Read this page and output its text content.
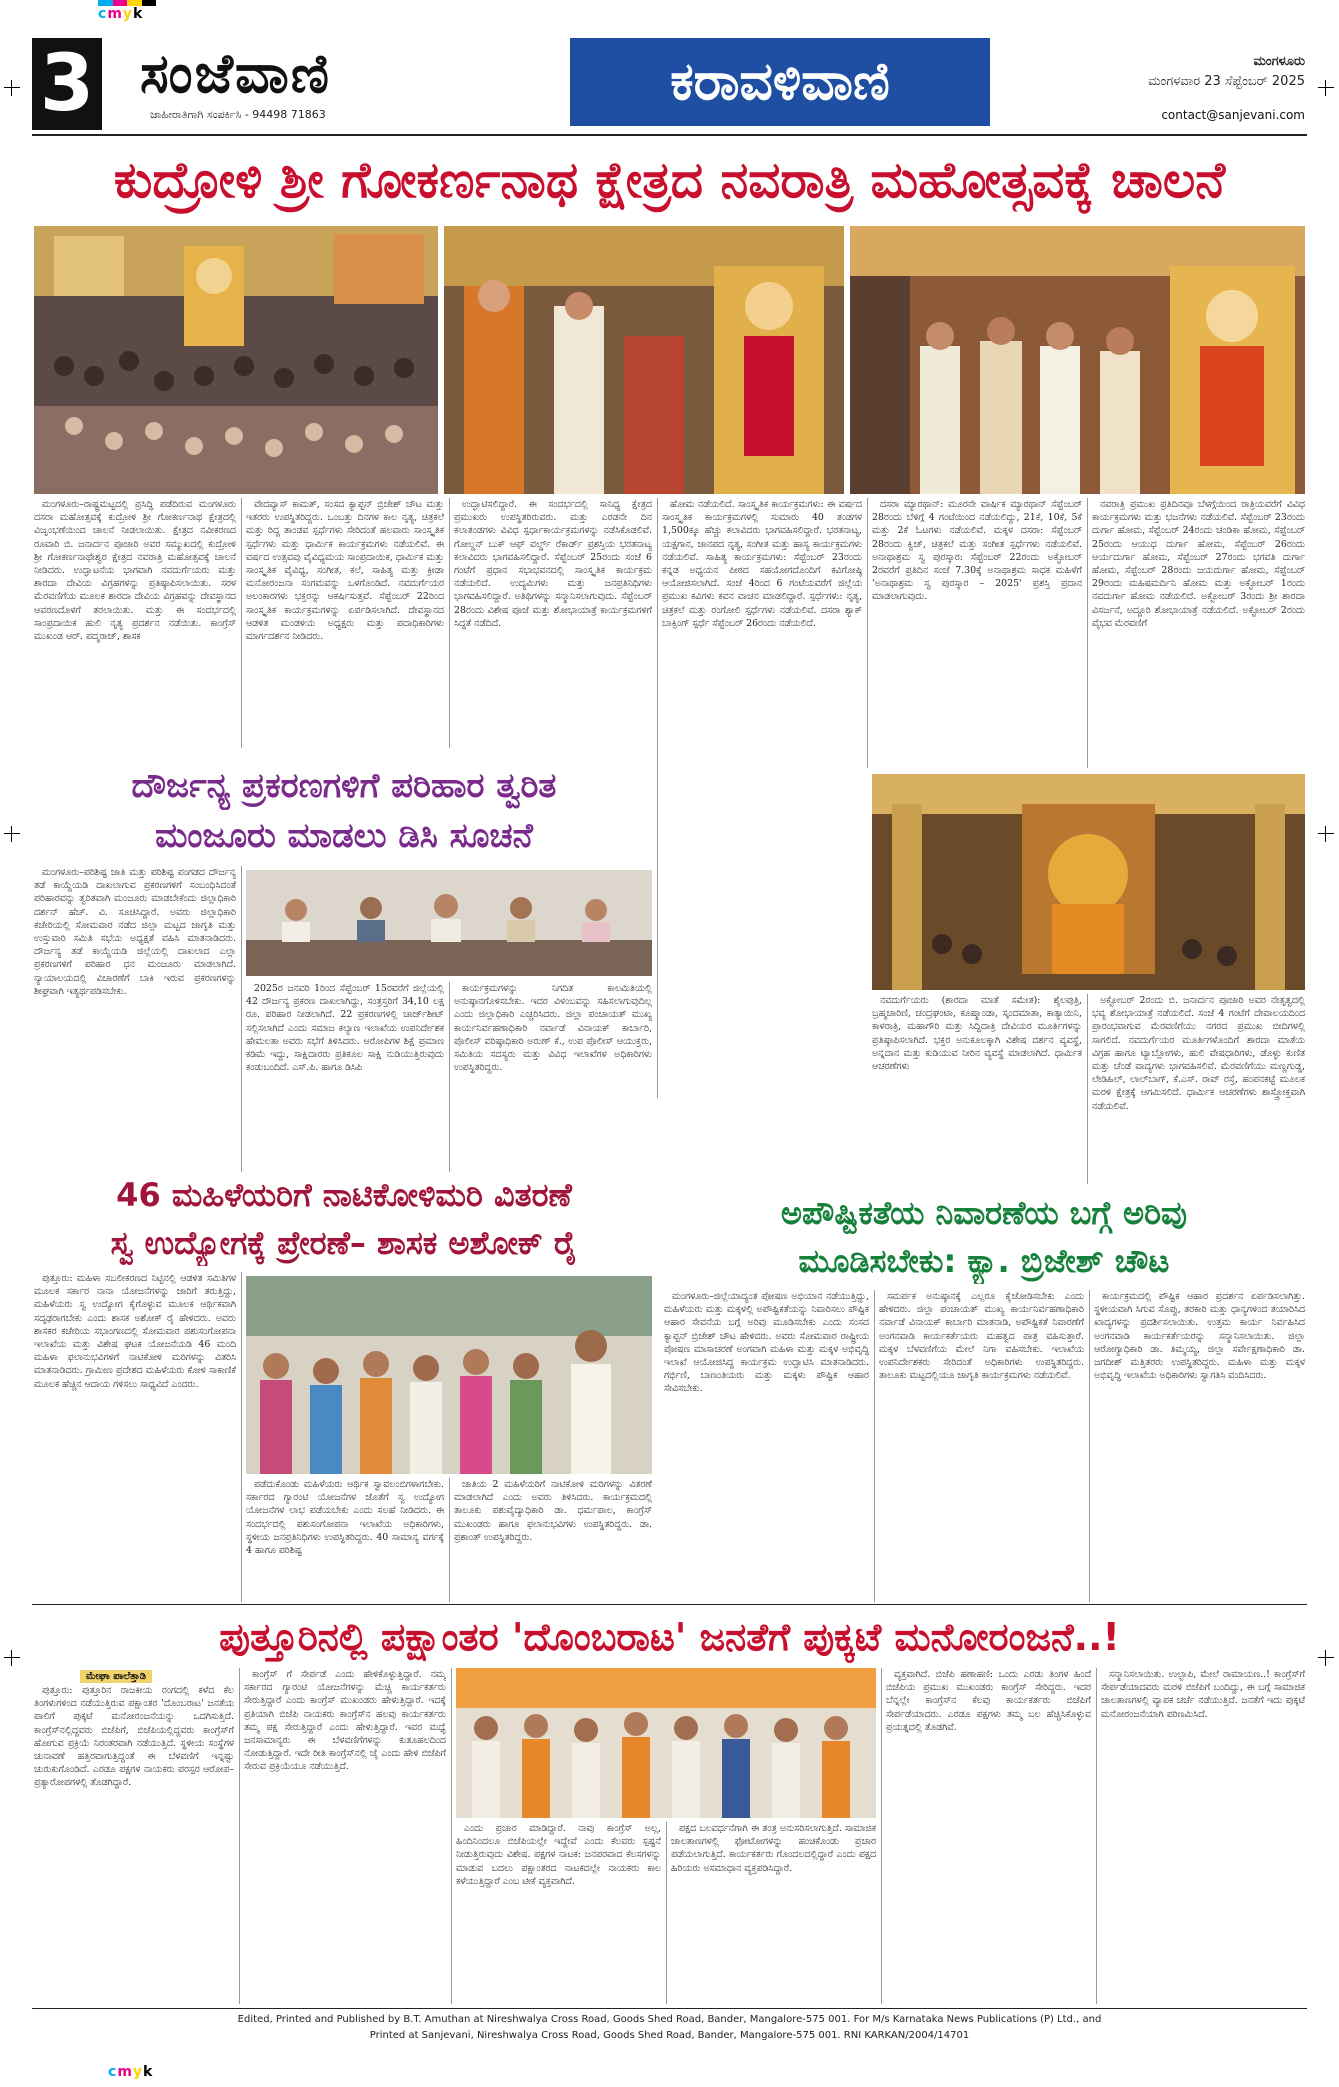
cmyk
3 ಸಂಜೆವಾಣಿ
ಜಾಹೀರಾತಿಗಾಗಿ ಸಂಪರ್ಕಿಸಿ - 94498 71863
ಕರಾವಳಿವಾಣಿ	ಮಂಗಳೂರು
ಮಂಗಳವಾರ 23 ಸೆಪ್ಟೆಂಬರ್ 2025
contact@sanjevani.com
ಕುದ್ರೋಳಿ ಶ್ರೀ ಗೋಕರ್ಣನಾಥ ಕ್ಷೇತ್ರದ ನವರಾತ್ರಿ ಮಹೋತ್ಸವಕ್ಕೆ ಚಾಲನೆ

ಮಂಗಳೂರು–ರಾಷ್ಟ್ರಮಟ್ಟದಲ್ಲಿ ಪ್ರಸಿದ್ಧಿ ಪಡೆದಿರುವ ಮಂಗಳೂರು ದಸರಾ ಮಹೋತ್ಸವಕ್ಕೆ ಕುದ್ರೋಳಿ ಶ್ರೀ ಗೋಕರ್ಣನಾಥ ಕ್ಷೇತ್ರದಲ್ಲಿ ವಿಜೃಂಭಣೆಯಿಂದ ಚಾಲನೆ ನೀಡಲಾಯಿತು. ಕ್ಷೇತ್ರದ ನವೀಕರಣದ ರೂವಾರಿ ಬಿ. ಜನಾರ್ದನ ಪೂಜಾರಿ ಅವರ ಸಮ್ಮುಖದಲ್ಲಿ ಕುದ್ರೋಳಿ ಶ್ರೀ ಗೋಕರ್ಣನಾಥೇಶ್ವರ ಕ್ಷೇತ್ರದ ನವರಾತ್ರಿ ಮಹೋತ್ಸವಕ್ಕೆ ಚಾಲನೆ ನೀಡಿದರು. ಉದ್ಘಾಟನೆಯ ಭಾಗವಾಗಿ ನವದುರ್ಗೆಯರು ಮತ್ತು ಶಾರದಾ ದೇವಿಯ ವಿಗ್ರಹಗಳನ್ನು ಪ್ರತಿಷ್ಠಾಪಿಸಲಾಯಿತು. ಸರಳ ಮೆರವಣಿಗೆಯ ಮೂಲಕ ಶಾರದಾ ದೇವಿಯ ವಿಗ್ರಹವನ್ನು ದೇವಸ್ಥಾನದ ಆವರಣದೊಳಗೆ ತರಲಾಯಿತು. ಮತ್ತು ಈ ಸಂದರ್ಭದಲ್ಲಿ ಸಾಂಪ್ರದಾಯಿಕ ಹುಲಿ ನೃತ್ಯ ಪ್ರದರ್ಶನ ನಡೆಯಿತು. ಕಾಂಗ್ರೆಸ್ ಮುಖಂಡ ಆರ್. ಪದ್ಮರಾಜ್, ಶಾಸಕ

ವೇದವ್ಯಾಸ್ ಕಾಮತ್, ಸಂಸದ ಕ್ಯಾಪ್ಟನ್ ಬ್ರಿಜೇಶ್ ಚೌಟ ಮತ್ತು ಇತರರು ಉಪಸ್ಥಿತರಿದ್ದರು. ಒಂಬತ್ತು ದಿನಗಳ ಕಾಲ ನೃತ್ಯ, ಚಿತ್ರಕಲೆ ಮತ್ತು ರಿದ್ದ ತಾಂಡವ ಸ್ಪರ್ಧೆಗಳು ಸೇರಿದಂತೆ ಹಲವಾರು ಸಾಂಸ್ಕೃತಿಕ ಸ್ಪರ್ಧೆಗಳು ಮತ್ತು ಧಾರ್ಮಿಕ ಕಾರ್ಯಕ್ರಮಗಳು ನಡೆಯಲಿವೆ. ಈ ವರ್ಷದ ಉತ್ಸವವು ವೈವಿಧ್ಯಮಯ ಸಾಂಪ್ರದಾಯಿಕ, ಧಾರ್ಮಿಕ ಮತ್ತು ಸಾಂಸ್ಕೃತಿಕ ವೈವಿಧ್ಯ, ಸಂಗೀತ, ಕಲೆ, ಸಾಹಿತ್ಯ ಮತ್ತು ಕ್ರೀಡಾ ಮನೋರಂಜನಾ ಸಂಗಮವನ್ನು ಒಳಗೊಂಡಿದೆ. ನವದುರ್ಗೆಯರ ಅಲಂಕಾರಗಳು ಭಕ್ತರನ್ನು ಆಕರ್ಷಿಸುತ್ತವೆ. ಸೆಪ್ಟೆಂಬರ್ 22ರಿಂದ ಸಾಂಸ್ಕೃತಿಕ ಕಾರ್ಯಕ್ರಮಗಳನ್ನು ಏರ್ಪಡಿಸಲಾಗಿದೆ. ದೇವಸ್ಥಾನದ ಆಡಳಿತ ಮಂಡಳಿಯ ಅಧ್ಯಕ್ಷರು ಮತ್ತು ಪದಾಧಿಕಾರಿಗಳು ಮಾರ್ಗದರ್ಶನ ನೀಡಿದರು.

ಉದ್ಘಾಟಿಸಲಿದ್ದಾರೆ. ಈ ಸಂದರ್ಭದಲ್ಲಿ ಸಾನಿಧ್ಯ ಕ್ಷೇತ್ರದ ಪ್ರಮುಖರು ಉಪಸ್ಥಿತರಿರುವರು. ಮತ್ತು ಎರಡನೇ ದಿನ ಕಲಾತಂಡಗಳು ವಿವಿಧ ಸ್ಪರ್ಧಾಕಾರ್ಯಕ್ರಮಗಳನ್ನು ನಡೆಸಿಕೊಡಲಿವೆ. ಗೋಲ್ಡನ್ ಬುಕ್ ಆಫ್ ವರ್ಲ್ಡ್ ರೆಕಾರ್ಡ್ ಪ್ರಶಸ್ತಿಯ ಭರತನಾಟ್ಯ ಕಲಾವಿದರು ಭಾಗವಹಿಸಲಿದ್ದಾರೆ. ಸೆಪ್ಟೆಂಬರ್ 25ರಂದು ಸಂಜೆ 6 ಗಂಟೆಗೆ ಪ್ರಧಾನ ಸಭಾಭವನದಲ್ಲಿ ಸಾಂಸ್ಕೃತಿಕ ಕಾರ್ಯಕ್ರಮ ನಡೆಯಲಿದೆ. ಉದ್ಯಮಿಗಳು ಮತ್ತು ಜನಪ್ರತಿನಿಧಿಗಳು ಭಾಗವಹಿಸಲಿದ್ದಾರೆ. ಅತಿಥಿಗಳನ್ನು ಸನ್ಮಾನಿಸಲಾಗುವುದು. ಸೆಪ್ಟೆಂಬರ್ 28ರಂದು ವಿಶೇಷ ಪೂಜೆ ಮತ್ತು ಶೋಭಾಯಾತ್ರೆ ಕಾರ್ಯಕ್ರಮಗಳಿಗೆ ಸಿದ್ಧತೆ ನಡೆದಿದೆ.

ಹೋಮ ನಡೆಯಲಿದೆ. ಸಾಂಸ್ಕೃತಿಕ ಕಾರ್ಯಕ್ರಮಗಳು: ಈ ವರ್ಷದ ಸಾಂಸ್ಕೃತಿಕ ಕಾರ್ಯಕ್ರಮಗಳಲ್ಲಿ ಸುಮಾರು 40 ತಂಡಗಳ 1,500ಕ್ಕೂ ಹೆಚ್ಚು ಕಲಾವಿದರು ಭಾಗವಹಿಸಲಿದ್ದಾರೆ. ಭರತನಾಟ್ಯ, ಯಕ್ಷಗಾನ, ಜಾನಪದ ನೃತ್ಯ, ಸಂಗೀತ ಮತ್ತು ಹಾಸ್ಯ ಕಾರ್ಯಕ್ರಮಗಳು ನಡೆಯಲಿವೆ. ಸಾಹಿತ್ಯ ಕಾರ್ಯಕ್ರಮಗಳು: ಸೆಪ್ಟೆಂಬರ್ 23ರಂದು ಕನ್ನಡ ಅಧ್ಯಯನ ಪೀಠದ ಸಹಯೋಗದೊಂದಿಗೆ ಕವಿಗೋಷ್ಠಿ ಆಯೋಜಿಸಲಾಗಿದೆ. ಸಂಜೆ 4ರಿಂದ 6 ಗಂಟೆಯವರೆಗೆ ಜಿಲ್ಲೆಯ ಪ್ರಮುಖ ಕವಿಗಳು ಕವನ ವಾಚನ ಮಾಡಲಿದ್ದಾರೆ. ಸ್ಪರ್ಧೆಗಳು: ನೃತ್ಯ, ಚಿತ್ರಕಲೆ ಮತ್ತು ರಂಗೋಲಿ ಸ್ಪರ್ಧೆಗಳು ನಡೆಯಲಿವೆ. ದಸರಾ ಶ್ಯಾಕ್ ಬಾಕ್ಸಿಂಗ್ ಸ್ಪರ್ಧೆ ಸೆಪ್ಟೆಂಬರ್ 26ರಂದು ನಡೆಯಲಿದೆ.

ದಸರಾ ಮ್ಯಾರಥಾನ್: ಮೂರನೇ ವಾರ್ಷಿಕ ಮ್ಯಾರಥಾನ್ ಸೆಪ್ಟೆಂಬರ್ 28ರಂದು ಬೆಳಿಗ್ಗೆ 4 ಗಂಟೆಯಿಂದ ನಡೆಯಲಿದ್ದು, 21ಕೆ, 10ಕೆ, 5ಕೆ ಮತ್ತು 2ಕೆ ಓಟಗಳು ನಡೆಯಲಿವೆ. ಮಕ್ಕಳ ದಸರಾ: ಸೆಪ್ಟೆಂಬರ್ 28ರಂದು ಕ್ವಿಜ್, ಚಿತ್ರಕಲೆ ಮತ್ತು ಸಂಗೀತ ಸ್ಪರ್ಧೆಗಳು ನಡೆಯಲಿವೆ. ಅನಾಥಾಶ್ರಮ ಸ್ವ ಪುರಸ್ಕಾರ: ಸೆಪ್ಟೆಂಬರ್ 22ರಂದು ಅಕ್ಟೋಬರ್ 2ರವರೆಗೆ ಪ್ರತಿದಿನ ಸಂಜೆ 7.30ಕ್ಕೆ ಅನಾಥಾಶ್ರಮ ಸಾಧಕ ಮಹಿಳೆಗೆ 'ಅನಾಥಾಶ್ರಮ ಸ್ವ ಪುರಸ್ಕಾರ – 2025' ಪ್ರಶಸ್ತಿ ಪ್ರದಾನ ಮಾಡಲಾಗುವುದು.

ನವರಾತ್ರಿ ಪ್ರಮುಖ ಪ್ರತಿದಿನವೂ ಬೆಳಗ್ಗೆಯಿಂದ ರಾತ್ರಿಯವರೆಗೆ ವಿವಿಧ ಕಾರ್ಯಕ್ರಮಗಳು ಮತ್ತು ಭಜನೆಗಳು ನಡೆಯಲಿವೆ. ಸೆಪ್ಟೆಂಬರ್ 23ರಂದು ದುರ್ಗಾ ಹೋಮ, ಸೆಪ್ಟೆಂಬರ್ 24ರಂದು ಚಂಡಿಕಾ ಹೋಮ, ಸೆಪ್ಟೆಂಬರ್ 25ರಂದು ಆಯುಧ ದುರ್ಗಾ ಹೋಮ, ಸೆಪ್ಟೆಂಬರ್ 26ರಂದು ಆರ್ಯದುರ್ಗಾ ಹೋಮ, ಸೆಪ್ಟೆಂಬರ್ 27ರಂದು ಭಗವತಿ ದುರ್ಗಾ ಹೋಮ, ಸೆಪ್ಟೆಂಬರ್ 28ರಂದು ಜಯದುರ್ಗಾ ಹೋಮ, ಸೆಪ್ಟೆಂಬರ್ 29ರಂದು ಮಹಿಷಮರ್ದಿನಿ ಹೋಮ ಮತ್ತು ಅಕ್ಟೋಬರ್ 1ರಂದು ನವದುರ್ಗಾ ಹೋಮ ನಡೆಯಲಿದೆ. ಅಕ್ಟೋಬರ್ 3ರಂದು ಶ್ರೀ ಶಾರದಾ ವಿಸರ್ಜನೆ, ಅದ್ದೂರಿ ಶೋಭಾಯಾತ್ರೆ ನಡೆಯಲಿದೆ. ಅಕ್ಟೋಬರ್ 2ರಂದು ವೈಭವ ಮೆರವಣಿಗೆ

ನವದುರ್ಗೆಯರು (ಶಾರದಾ ಮಾತೆ ಸಮೇತ): ಶೈಲಪುತ್ರಿ, ಬ್ರಹ್ಮಚಾರಿಣಿ, ಚಂದ್ರಘಂಟಾ, ಕೂಷ್ಮಾಂಡಾ, ಸ್ಕಂದಮಾತಾ, ಕಾತ್ಯಾಯಿನಿ, ಕಾಳರಾತ್ರಿ, ಮಹಾಗೌರಿ ಮತ್ತು ಸಿದ್ಧಿದಾತ್ರಿ ದೇವಿಯರ ಮೂರ್ತಿಗಳನ್ನು ಪ್ರತಿಷ್ಠಾಪಿಸಲಾಗಿದೆ. ಭಕ್ತರ ಅನುಕೂಲಕ್ಕಾಗಿ ವಿಶೇಷ ದರ್ಶನ ವ್ಯವಸ್ಥೆ, ಅನ್ನದಾನ ಮತ್ತು ಕುಡಿಯುವ ನೀರಿನ ವ್ಯವಸ್ಥೆ ಮಾಡಲಾಗಿದೆ. ಧಾರ್ಮಿಕ ಆಚರಣೆಗಳು

ಅಕ್ಟೋಬರ್ 2ರಂದು ಬಿ. ಜನಾರ್ದನ ಪೂಜಾರಿ ಅವರ ನೇತೃತ್ವದಲ್ಲಿ ಭವ್ಯ ಶೋಭಾಯಾತ್ರೆ ನಡೆಯಲಿದೆ. ಸಂಜೆ 4 ಗಂಟೆಗೆ ದೇವಾಲಯದಿಂದ ಪ್ರಾರಂಭವಾಗುವ ಮೆರವಣಿಗೆಯು ನಗರದ ಪ್ರಮುಖ ಬೀದಿಗಳಲ್ಲಿ ಸಾಗಲಿದೆ. ನವದುರ್ಗೆಯರ ಮೂರ್ತಿಗಳೊಂದಿಗೆ ಶಾರದಾ ಮಾತೆಯ ವಿಗ್ರಹ ಹಾಗೂ ಟ್ಯಾಬ್ಲೋಗಳು, ಹುಲಿ ವೇಷಧಾರಿಗಳು, ಡೊಳ್ಳು ಕುಣಿತ ಮತ್ತು ಚೆಂಡೆ ವಾದ್ಯಗಳು ಭಾಗವಹಿಸಲಿವೆ. ಮೆರವಣಿಗೆಯು ಮಣ್ಣಗುಡ್ಡ, ಲೇಡಿಹಿಲ್, ಲಾಲ್‌ಬಾಗ್, ಕೆ.ಎಸ್. ರಾವ್ ರಸ್ತೆ, ಹಂಪನಕಟ್ಟೆ ಮೂಲಕ ಮರಳಿ ಕ್ಷೇತ್ರಕ್ಕೆ ಆಗಮಿಸಲಿದೆ. ಧಾರ್ಮಿಕ ಆಚರಣೆಗಳು ಶಾಸ್ತ್ರೋಕ್ತವಾಗಿ ನಡೆಯಲಿವೆ.

ದೌರ್ಜನ್ಯ ಪ್ರಕರಣಗಳಿಗೆ ಪರಿಹಾರ ತ್ವರಿತ
ಮಂಜೂರು ಮಾಡಲು ಡಿಸಿ ಸೂಚನೆ

ಮಂಗಳೂರು–ಪರಿಶಿಷ್ಟ ಜಾತಿ ಮತ್ತು ಪರಿಶಿಷ್ಟ ಪಂಗಡದ ದೌರ್ಜನ್ಯ ತಡೆ ಕಾಯ್ದೆಯಡಿ ದಾಖಲಾಗುವ ಪ್ರಕರಣಗಳಿಗೆ ಸಂಬಂಧಿಸಿದಂತೆ ಪರಿಹಾರವನ್ನು ತ್ವರಿತವಾಗಿ ಮಂಜೂರು ಮಾಡಬೇಕೆಂದು ಜಿಲ್ಲಾಧಿಕಾರಿ ದರ್ಶನ್ ಹೆಚ್. ವಿ. ಸೂಚಿಸಿದ್ದಾರೆ. ಅವರು ಜಿಲ್ಲಾಧಿಕಾರಿ ಕಚೇರಿಯಲ್ಲಿ ಸೋಮವಾರ ನಡೆದ ಜಿಲ್ಲಾ ಮಟ್ಟದ ಜಾಗೃತಿ ಮತ್ತು ಉಸ್ತುವಾರಿ ಸಮಿತಿ ಸಭೆಯ ಅಧ್ಯಕ್ಷತೆ ವಹಿಸಿ ಮಾತನಾಡಿದರು. ದೌರ್ಜನ್ಯ ತಡೆ ಕಾಯ್ದೆಯಡಿ ಜಿಲ್ಲೆಯಲ್ಲಿ ದಾಖಲಾದ ಎಲ್ಲಾ ಪ್ರಕರಣಗಳಿಗೆ ಪರಿಹಾರ ಧನ ಮಂಜೂರು ಮಾಡಲಾಗಿದೆ. ನ್ಯಾಯಾಲಯದಲ್ಲಿ ವಿಚಾರಣೆಗೆ ಬಾಕಿ ಇರುವ ಪ್ರಕರಣಗಳನ್ನು ಶೀಘ್ರವಾಗಿ ಇತ್ಯರ್ಥಪಡಿಸಬೇಕು.	2025ರ ಜನವರಿ 1ರಿಂದ ಸೆಪ್ಟೆಂಬರ್ 15ರವರೆಗೆ ಜಿಲ್ಲೆಯಲ್ಲಿ 42 ದೌರ್ಜನ್ಯ ಪ್ರಕರಣ ದಾಖಲಾಗಿದ್ದು, ಸಂತ್ರಸ್ತರಿಗೆ 34,10 ಲಕ್ಷ ರೂ. ಪರಿಹಾರ ನೀಡಲಾಗಿದೆ. 22 ಪ್ರಕರಣಗಳಲ್ಲಿ ಚಾರ್ಜ್‌ಶೀಟ್ ಸಲ್ಲಿಸಲಾಗಿದೆ ಎಂದು ಸಮಾಜ ಕಲ್ಯಾಣ ಇಲಾಖೆಯ ಉಪನಿರ್ದೇಶಕ ಹೇಮಲತಾ ಅವರು ಸಭೆಗೆ ತಿಳಿಸಿದರು. ಆರೋಪಿಗಳ ಶಿಕ್ಷೆ ಪ್ರಮಾಣ ಕಡಿಮೆ ಇದ್ದು, ಸಾಕ್ಷಿದಾರರು ಪ್ರತಿಕೂಲ ಸಾಕ್ಷಿ ನುಡಿಯುತ್ತಿರುವುದು ಕಂಡುಬಂದಿದೆ. ಎಸ್.ಪಿ. ಹಾಗೂ ಡಿಸಿಪಿ

ಕಾರ್ಯಕ್ರಮಗಳನ್ನು ನಿಗದಿತ ಕಾಲಮಿತಿಯಲ್ಲಿ ಅನುಷ್ಠಾನಗೊಳಿಸಬೇಕು. ಇದರ ವಿಳಂಬವನ್ನು ಸಹಿಸಲಾಗುವುದಿಲ್ಲ ಎಂದು ಜಿಲ್ಲಾಧಿಕಾರಿ ಎಚ್ಚರಿಸಿದರು. ಜಿಲ್ಲಾ ಪಂಚಾಯತ್ ಮುಖ್ಯ ಕಾರ್ಯನಿರ್ವಹಣಾಧಿಕಾರಿ ನರ್ವಾಡೆ ವಿನಾಯಕ್ ಕಾರ್ಬಾರಿ, ಪೊಲೀಸ್ ವರಿಷ್ಠಾಧಿಕಾರಿ ಅರುಣ್ ಕೆ., ಉಪ ಪೊಲೀಸ್ ಆಯುಕ್ತರು, ಸಮಿತಿಯ ಸದಸ್ಯರು ಮತ್ತು ವಿವಿಧ ಇಲಾಖೆಗಳ ಅಧಿಕಾರಿಗಳು ಉಪಸ್ಥಿತರಿದ್ದರು.

46 ಮಹಿಳೆಯರಿಗೆ ನಾಟಿಕೋಳಿಮರಿ ವಿತರಣೆ
ಸ್ವ ಉದ್ಯೋಗಕ್ಕೆ ಪ್ರೇರಣೆ– ಶಾಸಕ ಅಶೋಕ್ ರೈ

ಪುತ್ತೂರು: ಮಹಿಳಾ ಸಬಲೀಕರಣದ ನಿಟ್ಟಿನಲ್ಲಿ ಆಡಳಿತ ಸಮಿತಿಗಳ ಮೂಲಕ ಸರ್ಕಾರ ನಾನಾ ಯೋಜನೆಗಳನ್ನು ಜಾರಿಗೆ ತರುತ್ತಿದ್ದು, ಮಹಿಳೆಯರು ಸ್ವ ಉದ್ಯೋಗ ಕೈಗೊಳ್ಳುವ ಮೂಲಕ ಆರ್ಥಿಕವಾಗಿ ಸದೃಢರಾಗಬೇಕು ಎಂದು ಶಾಸಕ ಅಶೋಕ್ ರೈ ಹೇಳಿದರು. ಅವರು ಶಾಸಕರ ಕಚೇರಿಯ ಸಭಾಂಗಣದಲ್ಲಿ ಸೋಮವಾರ ಪಶುಸಂಗೋಪನಾ ಇಲಾಖೆಯ ಮತ್ತು ವಿಶೇಷ ಘಟಕ ಯೋಜನೆಯಡಿ 46 ಮಂದಿ ಮಹಿಳಾ ಫಲಾನುಭವಿಗಳಿಗೆ ನಾಟಿಕೋಳಿ ಮರಿಗಳನ್ನು ವಿತರಿಸಿ ಮಾತನಾಡಿದರು. ಗ್ರಾಮೀಣ ಪ್ರದೇಶದ ಮಹಿಳೆಯರು ಕೋಳಿ ಸಾಕಾಣಿಕೆ ಮೂಲಕ ಹೆಚ್ಚಿನ ಆದಾಯ ಗಳಿಸಲು ಸಾಧ್ಯವಿದೆ ಎಂದರು.

ಪಡೆದುಕೊಂಡು ಮಹಿಳೆಯರು ಆರ್ಥಿಕ ಸ್ವಾವಲಂಬಿಗಳಾಗಬೇಕು. ಸರ್ಕಾರದ ಗ್ಯಾರಂಟಿ ಯೋಜನೆಗಳ ಜೊತೆಗೆ ಸ್ವ ಉದ್ಯೋಗ ಯೋಜನೆಗಳ ಲಾಭ ಪಡೆಯಬೇಕು ಎಂದು ಸಲಹೆ ನೀಡಿದರು. ಈ ಸಂದರ್ಭದಲ್ಲಿ ಪಶುಸಂಗೋಪನಾ ಇಲಾಖೆಯ ಅಧಿಕಾರಿಗಳು, ಸ್ಥಳೀಯ ಜನಪ್ರತಿನಿಧಿಗಳು ಉಪಸ್ಥಿತರಿದ್ದರು. 40 ಸಾಮಾನ್ಯ ವರ್ಗಕ್ಕೆ 4 ಹಾಗೂ ಪರಿಶಿಷ್ಟ

ಜಾತಿಯ 2 ಮಹಿಳೆಯರಿಗೆ ನಾಟಿಕೋಳಿ ಮರಿಗಳನ್ನು ವಿತರಣೆ ಮಾಡಲಾಗಿದೆ ಎಂದು ಅವರು ತಿಳಿಸಿದರು. ಕಾರ್ಯಕ್ರಮದಲ್ಲಿ ತಾಲೂಕು ಪಶುವೈದ್ಯಾಧಿಕಾರಿ ಡಾ. ಧರ್ಮಪಾಲ, ಕಾಂಗ್ರೆಸ್ ಮುಖಂಡರು ಹಾಗೂ ಫಲಾನುಭವಿಗಳು ಉಪಸ್ಥಿತರಿದ್ದರು. ಡಾ. ಪ್ರಶಾಂತ್ ಉಪಸ್ಥಿತರಿದ್ದರು.

ಅಪೌಷ್ಟಿಕತೆಯ ನಿವಾರಣೆಯ ಬಗ್ಗೆ ಅರಿವು
ಮೂಡಿಸಬೇಕು: ಕ್ಯಾ. ಬ್ರಿಜೇಶ್ ಚೌಟ

ಮಂಗಳೂರು–ಜಿಲ್ಲೆಯಾದ್ಯಂತ ಪೋಷಣ ಅಭಿಯಾನ ನಡೆಯುತ್ತಿದ್ದು, ಮಹಿಳೆಯರು ಮತ್ತು ಮಕ್ಕಳಲ್ಲಿ ಅಪೌಷ್ಟಿಕತೆಯನ್ನು ನಿವಾರಿಸಲು ಪೌಷ್ಟಿಕ ಆಹಾರ ಸೇವನೆಯ ಬಗ್ಗೆ ಅರಿವು ಮೂಡಿಸಬೇಕು ಎಂದು ಸಂಸದ ಕ್ಯಾಪ್ಟನ್ ಬ್ರಿಜೇಶ್ ಚೌಟ ಹೇಳಿದರು. ಅವರು ಸೋಮವಾರ ರಾಷ್ಟ್ರೀಯ ಪೋಷಣ ಮಾಸಾಚರಣೆ ಅಂಗವಾಗಿ ಮಹಿಳಾ ಮತ್ತು ಮಕ್ಕಳ ಅಭಿವೃದ್ಧಿ ಇಲಾಖೆ ಆಯೋಜಿಸಿದ್ದ ಕಾರ್ಯಕ್ರಮ ಉದ್ಘಾಟಿಸಿ ಮಾತನಾಡಿದರು. ಗರ್ಭಿಣಿ, ಬಾಣಂತಿಯರು ಮತ್ತು ಮಕ್ಕಳು ಪೌಷ್ಟಿಕ ಆಹಾರ ಸೇವಿಸಬೇಕು.

ಸಮರ್ಪಕ ಅನುಷ್ಠಾನಕ್ಕೆ ಎಲ್ಲರೂ ಕೈಜೋಡಿಸಬೇಕು ಎಂದು ಹೇಳಿದರು. ಜಿಲ್ಲಾ ಪಂಚಾಯತ್ ಮುಖ್ಯ ಕಾರ್ಯನಿರ್ವಹಣಾಧಿಕಾರಿ ನರ್ವಾಡೆ ವಿನಾಯಕ್ ಕಾರ್ಬಾರಿ ಮಾತನಾಡಿ, ಅಪೌಷ್ಟಿಕತೆ ನಿವಾರಣೆಗೆ ಅಂಗನವಾಡಿ ಕಾರ್ಯಕರ್ತೆಯರು ಮಹತ್ವದ ಪಾತ್ರ ವಹಿಸುತ್ತಾರೆ. ಮಕ್ಕಳ ಬೆಳವಣಿಗೆಯ ಮೇಲೆ ನಿಗಾ ವಹಿಸಬೇಕು. ಇಲಾಖೆಯ ಉಪನಿರ್ದೇಶಕರು ಸೇರಿದಂತೆ ಅಧಿಕಾರಿಗಳು ಉಪಸ್ಥಿತರಿದ್ದರು. ತಾಲೂಕು ಮಟ್ಟದಲ್ಲಿಯೂ ಜಾಗೃತಿ ಕಾರ್ಯಕ್ರಮಗಳು ನಡೆಯಲಿವೆ.

ಕಾರ್ಯಕ್ರಮದಲ್ಲಿ ಪೌಷ್ಟಿಕ ಆಹಾರ ಪ್ರದರ್ಶನ ಏರ್ಪಡಿಸಲಾಗಿತ್ತು. ಸ್ಥಳೀಯವಾಗಿ ಸಿಗುವ ಸೊಪ್ಪು, ತರಕಾರಿ ಮತ್ತು ಧಾನ್ಯಗಳಿಂದ ತಯಾರಿಸಿದ ಖಾದ್ಯಗಳನ್ನು ಪ್ರದರ್ಶಿಸಲಾಯಿತು. ಉತ್ತಮ ಕಾರ್ಯ ನಿರ್ವಹಿಸಿದ ಅಂಗನವಾಡಿ ಕಾರ್ಯಕರ್ತೆಯರನ್ನು ಸನ್ಮಾನಿಸಲಾಯಿತು. ಜಿಲ್ಲಾ ಆರೋಗ್ಯಾಧಿಕಾರಿ ಡಾ. ತಿಮ್ಮಯ್ಯ, ಜಿಲ್ಲಾ ಸರ್ವೇಕ್ಷಣಾಧಿಕಾರಿ ಡಾ. ಜಗದೀಶ್ ಮತ್ತಿತರರು ಉಪಸ್ಥಿತರಿದ್ದರು. ಮಹಿಳಾ ಮತ್ತು ಮಕ್ಕಳ ಅಭಿವೃದ್ಧಿ ಇಲಾಖೆಯ ಅಧಿಕಾರಿಗಳು ಸ್ವಾಗತಿಸಿ ವಂದಿಸಿದರು.

ಪುತ್ತೂರಿನಲ್ಲಿ ಪಕ್ಷಾಂತರ 'ದೊಂಬರಾಟ' ಜನತೆಗೆ ಪುಕ್ಕಟೆ ಮನೋರಂಜನೆ..!
ಮೇಘಾ ಪಾಲೆತ್ತಾಡಿ

ಪುತ್ತೂರು: ಪುತ್ತೂರಿನ ರಾಜಕೀಯ ರಂಗದಲ್ಲಿ ಕಳೆದ ಕೆಲ ತಿಂಗಳುಗಳಿಂದ ನಡೆಯುತ್ತಿರುವ ಪಕ್ಷಾಂತರ 'ದೊಂಬರಾಟ' ಜನತೆಯ ಪಾಲಿಗೆ ಪುಕ್ಕಟೆ ಮನೋರಂಜನೆಯನ್ನು ಒದಗಿಸುತ್ತಿದೆ. ಕಾಂಗ್ರೆಸ್‌ನಲ್ಲಿದ್ದವರು ಬಿಜೆಪಿಗೆ, ಬಿಜೆಪಿಯಲ್ಲಿದ್ದವರು ಕಾಂಗ್ರೆಸ್‌ಗೆ ಹೋಗುವ ಪ್ರಕ್ರಿಯೆ ನಿರಂತರವಾಗಿ ನಡೆಯುತ್ತಿದೆ. ಸ್ಥಳೀಯ ಸಂಸ್ಥೆಗಳ ಚುನಾವಣೆ ಹತ್ತಿರವಾಗುತ್ತಿದ್ದಂತೆ ಈ ಬೆಳವಣಿಗೆ ಇನ್ನಷ್ಟು ಚುರುಕುಗೊಂಡಿದೆ. ಎರಡೂ ಪಕ್ಷಗಳ ನಾಯಕರು ಪರಸ್ಪರ ಆರೋಪ–ಪ್ರತ್ಯಾರೋಪಗಳಲ್ಲಿ ತೊಡಗಿದ್ದಾರೆ.

ಕಾಂಗ್ರೆಸ್ ಗೆ ಸೇರ್ಪಡೆ ಎಂದು ಹೇಳಿಕೊಳ್ಳುತ್ತಿದ್ದಾರೆ. ನಮ್ಮ ಸರ್ಕಾರದ ಗ್ಯಾರಂಟಿ ಯೋಜನೆಗಳನ್ನು ಮೆಚ್ಚಿ ಕಾರ್ಯಕರ್ತರು ಸೇರುತ್ತಿದ್ದಾರೆ ಎಂದು ಕಾಂಗ್ರೆಸ್ ಮುಖಂಡರು ಹೇಳುತ್ತಿದ್ದಾರೆ. ಇದಕ್ಕೆ ಪ್ರತಿಯಾಗಿ ಬಿಜೆಪಿ ನಾಯಕರು ಕಾಂಗ್ರೆಸ್‌ನ ಹಲವು ಕಾರ್ಯಕರ್ತರು ತಮ್ಮ ಪಕ್ಷ ಸೇರುತ್ತಿದ್ದಾರೆ ಎಂದು ಹೇಳುತ್ತಿದ್ದಾರೆ. ಇವರ ಮಧ್ಯೆ ಜನಸಾಮಾನ್ಯರು ಈ ಬೆಳವಣಿಗೆಗಳನ್ನು ಕುತೂಹಲದಿಂದ ನೋಡುತ್ತಿದ್ದಾರೆ. ಇದೇ ರೀತಿ ಕಾಂಗ್ರೆಸ್‌ನಲ್ಲಿ ಜೈ ಎಂದು ಹೇಳಿ ಬಿಜೆಪಿಗೆ ಸೇರುವ ಪ್ರಕ್ರಿಯೆಯೂ ನಡೆಯುತ್ತಿದೆ.

ಎಂದು ಪ್ರಚಾರ ಮಾಡಿದ್ದಾರೆ. ನಾವು ಕಾಂಗ್ರೆಸ್ ಅಲ್ಲ, ಹಿಂದಿನಿಂದಲೂ ಬಿಜೆಪಿಯಲ್ಲೇ ಇದ್ದೇವೆ ಎಂದು ಕೆಲವರು ಸ್ಪಷ್ಟನೆ ನೀಡುತ್ತಿರುವುದು ವಿಶೇಷ. ಪಕ್ಷಗಳ ನಾಟಕ: ಜನಪರವಾದ ಕೆಲಸಗಳನ್ನು ಮಾಡುವ ಬದಲು ಪಕ್ಷಾಂತರದ ನಾಟಕದಲ್ಲೇ ನಾಯಕರು ಕಾಲ ಕಳೆಯುತ್ತಿದ್ದಾರೆ ಎಂಬ ಟೀಕೆ ವ್ಯಕ್ತವಾಗಿದೆ.

ಪಕ್ಷದ ಬಲವರ್ಧನೆಗಾಗಿ ಈ ತಂತ್ರ ಅನುಸರಿಸಲಾಗುತ್ತಿದೆ. ಸಾಮಾಜಿಕ ಜಾಲತಾಣಗಳಲ್ಲಿ ಫೋಟೋಗಳನ್ನು ಹಂಚಿಕೊಂಡು ಪ್ರಚಾರ ಪಡೆಯಲಾಗುತ್ತಿದೆ. ಕಾರ್ಯಕರ್ತರು ಗೊಂದಲದಲ್ಲಿದ್ದಾರೆ ಎಂದು ಪಕ್ಷದ ಹಿರಿಯರು ಅಸಮಾಧಾನ ವ್ಯಕ್ತಪಡಿಸಿದ್ದಾರೆ.

ವ್ಯಕ್ತವಾಗಿದೆ. ಬಿಜೆಪಿ ಹಣಾಹಣಿ: ಒಂದು ಎರಡು ತಿಂಗಳ ಹಿಂದೆ ಬಿಜೆಪಿಯ ಪ್ರಮುಖ ಮುಖಂಡರು ಕಾಂಗ್ರೆಸ್ ಸೇರಿದ್ದರು. ಇದರ ಬೆನ್ನಲ್ಲೇ ಕಾಂಗ್ರೆಸ್‌ನ ಕೆಲವು ಕಾರ್ಯಕರ್ತರು ಬಿಜೆಪಿಗೆ ಸೇರ್ಪಡೆಯಾದರು. ಎರಡೂ ಪಕ್ಷಗಳು ತಮ್ಮ ಬಲ ಹೆಚ್ಚಿಸಿಕೊಳ್ಳುವ ಪ್ರಯತ್ನದಲ್ಲಿ ತೊಡಗಿವೆ.

ಸನ್ಮಾನಿಸಲಾಯಿತು. ಉಲ್ಟಾಪಿ, ಮೇಲೆ ರಾಮಾಯಣ..! ಕಾಂಗ್ರೆಸ್‌ಗೆ ಸೇರ್ಪಡೆಯಾದವರು ಮರಳಿ ಬಿಜೆಪಿಗೆ ಬಂದಿದ್ದು, ಈ ಬಗ್ಗೆ ಸಾಮಾಜಿಕ ಜಾಲತಾಣಗಳಲ್ಲಿ ವ್ಯಾಪಕ ಚರ್ಚೆ ನಡೆಯುತ್ತಿದೆ. ಜನತೆಗೆ ಇದು ಪುಕ್ಕಟೆ ಮನೋರಂಜನೆಯಾಗಿ ಪರಿಣಮಿಸಿದೆ.

Edited, Printed and Published by B.T. Amuthan at Nireshwalya Cross Road, Goods Shed Road, Bander, Mangalore-575 001. For M/s Karnataka News Publications (P) Ltd., and
Printed at Sanjevani, Nireshwalya Cross Road, Goods Shed Road, Bander, Mangalore-575 001. RNI KARKAN/2004/14701
cmyk
